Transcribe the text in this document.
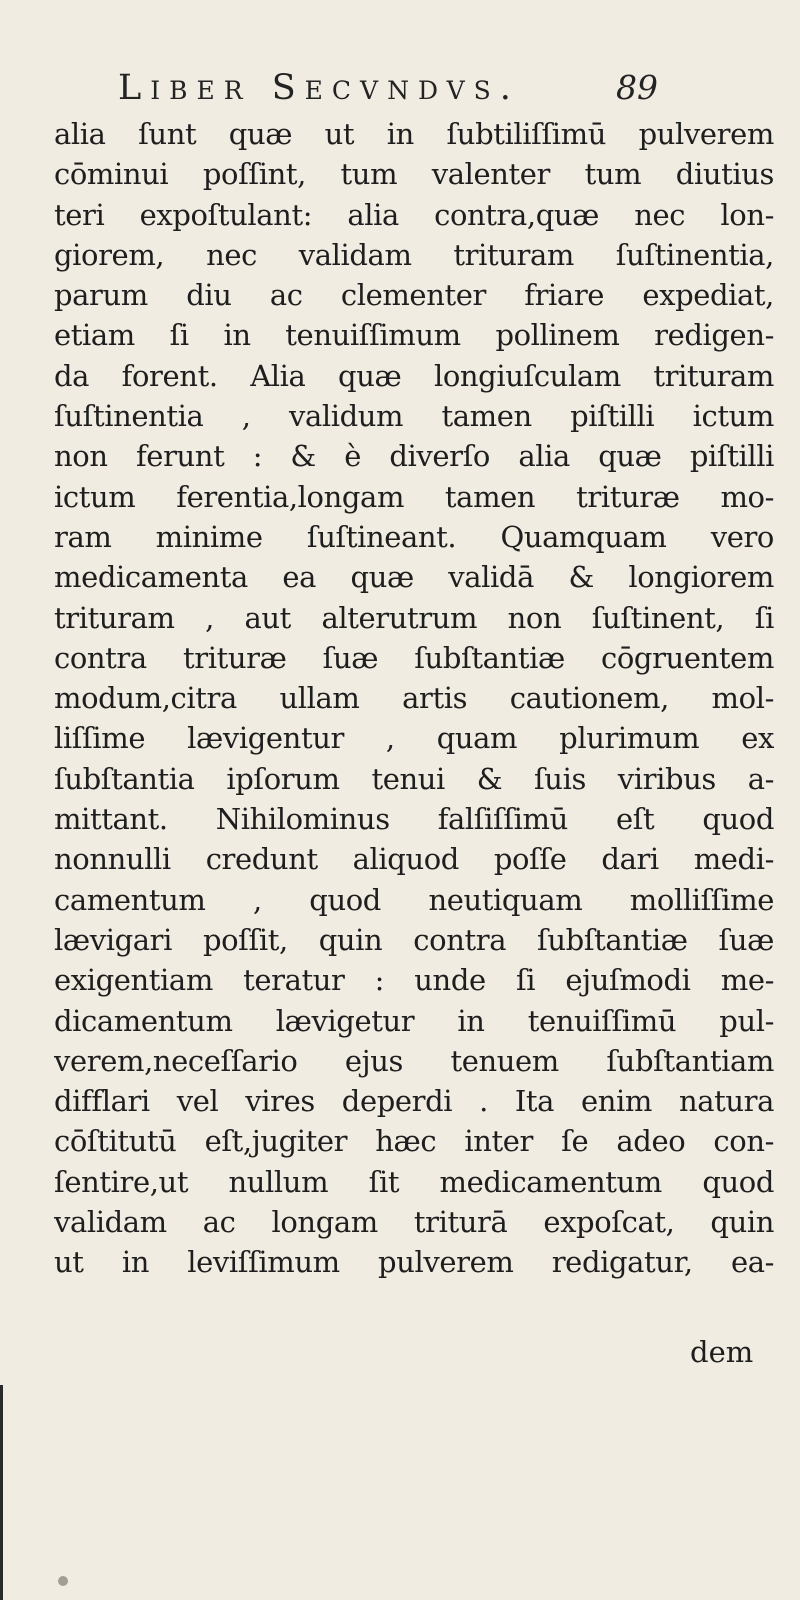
Liber Secvndvs.	89
alia ſunt quæ ut in ſubtiliſſimū pulverem
cōminui poſſint, tum valenter tum diutius
teri expoſtulant: alia contra,quæ nec lon-
giorem, nec validam trituram ſuſtinentia,
parum diu ac clementer friare expediat,
etiam ſi in tenuiſſimum pollinem redigen-
da forent. Alia quæ longiuſculam trituram
ſuſtinentia , validum tamen piſtilli ictum
non ferunt : & è diverſo alia quæ piſtilli
ictum ferentia,longam tamen trituræ mo-
ram minime ſuſtineant. Quamquam vero
medicamenta ea quæ validā & longiorem
trituram , aut alterutrum non ſuſtinent, ſi
contra trituræ ſuæ ſubſtantiæ cōgruentem
modum,citra ullam artis cautionem, mol-
liſſime lævigentur , quam plurimum ex
ſubſtantia ipſorum tenui & ſuis viribus a-
mittant. Nihilominus falſiſſimū eſt quod
nonnulli credunt aliquod poſſe dari medi-
camentum , quod neutiquam molliſſime
lævigari poſſit, quin contra ſubſtantiæ ſuæ
exigentiam teratur : unde ſi ejuſmodi me-
dicamentum lævigetur in tenuiſſimū pul-
verem,neceſſario ejus tenuem ſubſtantiam
difflari vel vires deperdi . Ita enim natura
cōſtitutū eſt,jugiter hæc inter ſe adeo con-
ſentire,ut nullum ſit medicamentum quod
validam ac longam triturā expoſcat, quin
ut in leviſſimum pulverem redigatur, ea-
dem
